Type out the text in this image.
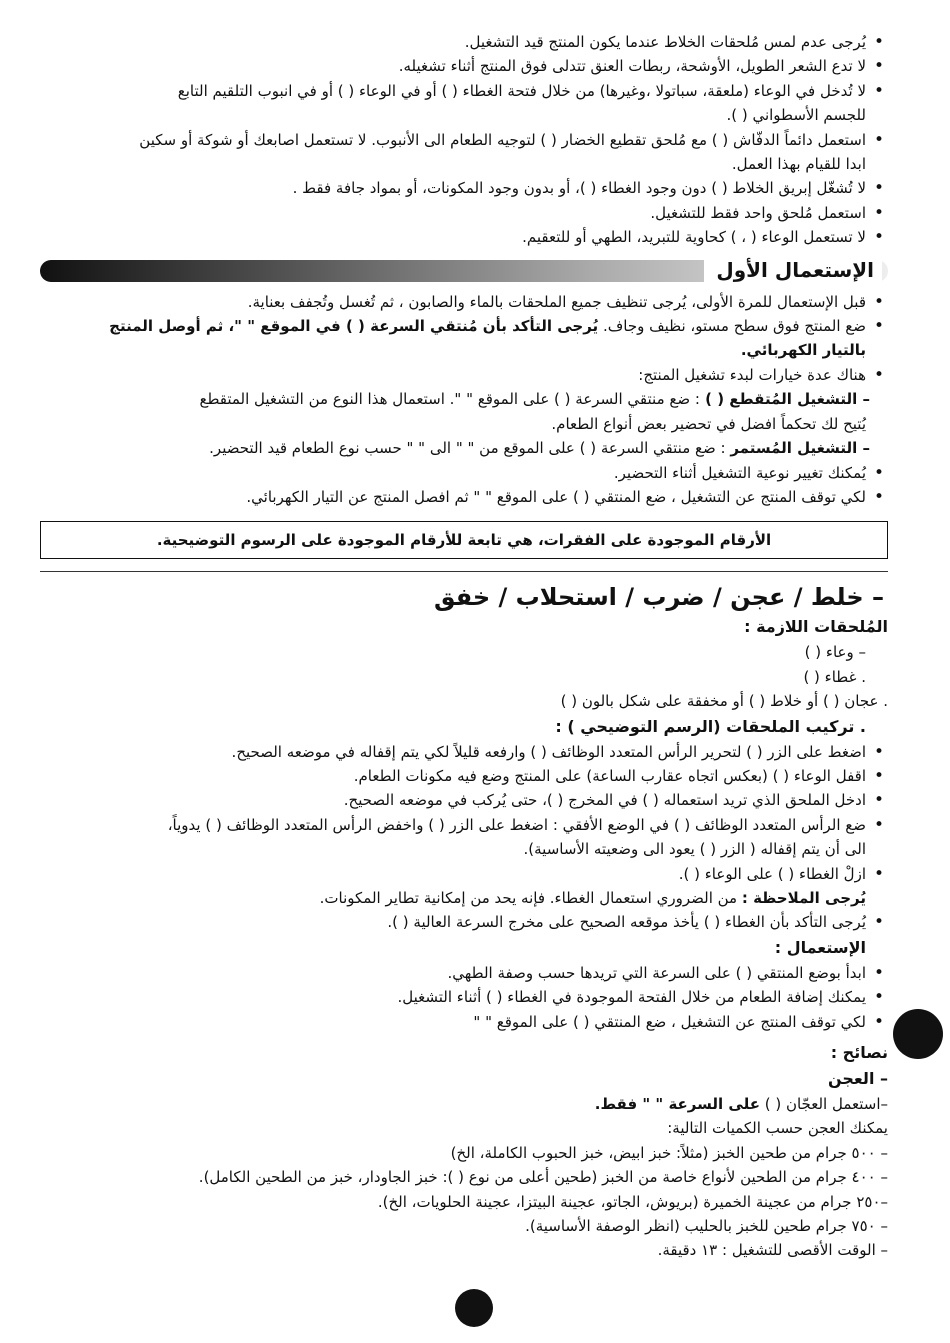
• يُرجى عدم لمس مُلحقات الخلاط عندما يكون المنتج قيد التشغيل.
• لا تدع الشعر الطويل، الأوشحة، ربطات العنق تتدلى فوق المنتج أثناء تشغيله.
• لا تُدخل في الوعاء (ملعقة، سباتولا ،وغيرها) من خلال فتحة الغطاء ( ) أو في الوعاء ( ) أو في انبوب التلقيم التابع
للجسم الأسطواني ( ).
• استعمل دائماً الدفّاش ( ) مع مُلحق تقطيع الخضار ( ) لتوجيه الطعام الى الأنبوب. لا تستعمل اصابعك أو شوكة أو سكين
ابدا للقيام بهذا العمل.
• لا تُشغّل إبريق الخلاط ( ) دون وجود الغطاء ( )، أو بدون وجود المكونات، أو بمواد جافة فقط .
• استعمل مُلحق واحد فقط للتشغيل.
• لا تستعمل الوعاء ( ، ) كحاوية للتبريد، الطهي أو للتعقيم.
الإستعمال الأول
• قبل الإستعمال للمرة الأولى، يُرجى تنظيف جميع الملحقات بالماء والصابون ، ثم تُغسل وتُجفف بعناية.
• ضع المنتج فوق سطح مستو، نظيف وجاف. يُرجى التأكد بأن مُنتقي السرعة ( ) في الموقع " "، ثم أوصل المنتج
بالتيار الكهربائي.
• هناك عدة خيارات لبدء تشغيل المنتج:
– التشغيل المُتقطع ( ) : ضع منتقي السرعة ( ) على الموقع " ". استعمال هذا النوع من التشغيل المتقطع
يُتيح لك تحكماً افضل في تحضير بعض أنواع الطعام.
– التشغيل المُستمر : ضع منتقي السرعة ( ) على الموقع من " " الى " " حسب نوع الطعام قيد التحضير.
• يُمكنك تغيير نوعية التشغيل أثناء التحضير.
• لكي توقف المنتج عن التشغيل ، ضع المنتقي ( ) على الموقع " " ثم افصل المنتج عن التيار الكهربائي.
الأرقام الموجودة على الفقرات، هي تابعة للأرقام الموجودة على الرسوم التوضيحية.
– خلط / عجن / ضرب / استحلاب / خفق
المُلحقات اللازمة :
– وعاء ( )
. غطاء ( )
. عجان ( ) أو خلاط ( ) أو مخفقة على شكل بالون ( )
. تركيب الملحقات (الرسم التوضيحي ) :
• اضغط على الزر ( ) لتحرير الرأس المتعدد الوظائف ( ) وارفعه قليلاً لكي يتم إقفاله في موضعه الصحيح.
• اقفل الوعاء ( ) (بعكس اتجاه عقارب الساعة) على المنتج وضع فيه مكونات الطعام.
• ادخل الملحق الذي تريد استعماله ( ) في المخرج ( )، حتى يُركب في موضعه الصحيح.
• ضع الرأس المتعدد الوظائف ( ) في الوضع الأفقي : اضغط على الزر ( ) واخفض الرأس المتعدد الوظائف ( ) يدوياً،
الى أن يتم إقفاله ( الزر ( ) يعود الى وضعيته الأساسية).
• ازلْ الغطاء ( ) على الوعاء ( ).
يُرجى الملاحظة : من الضروري استعمال الغطاء. فإنه يحد من إمكانية تطاير المكونات.
• يُرجى التأكد بأن الغطاء ( ) يأخذ موقعه الصحيح على مخرج السرعة العالية ( ).
الإستعمال :
• ابدأ بوضع المنتقي ( ) على السرعة التي تريدها حسب وصفة الطهي.
• يمكنك إضافة الطعام من خلال الفتحة الموجودة في الغطاء ( ) أثناء التشغيل.
• لكي توقف المنتج عن التشغيل ، ضع المنتقي ( ) على الموقع " "
نصائح :
– العجن
–استعمل العجّان ( ) على السرعة " " فقط.
يمكنك العجن حسب الكميات التالية:
– ٥٠٠ جرام من طحين الخبز (مثلاً: خبز ابيض، خبز الحبوب الكاملة، الخ)
– ٤٠٠ جرام من الطحين لأنواع خاصة من الخبز (طحين أعلى من نوع ( ): خبز الجاودار، خبز من الطحين الكامل).
–٢٥٠ جرام من عجينة الخميرة (بريوش، الجاتو، عجينة البيتزا، عجينة الحلويات، الخ).
– ٧٥٠ جرام طحين للخبز بالحليب (انظر الوصفة الأساسية).
– الوقت الأقصى للتشغيل : ١٣ دقيقة.
